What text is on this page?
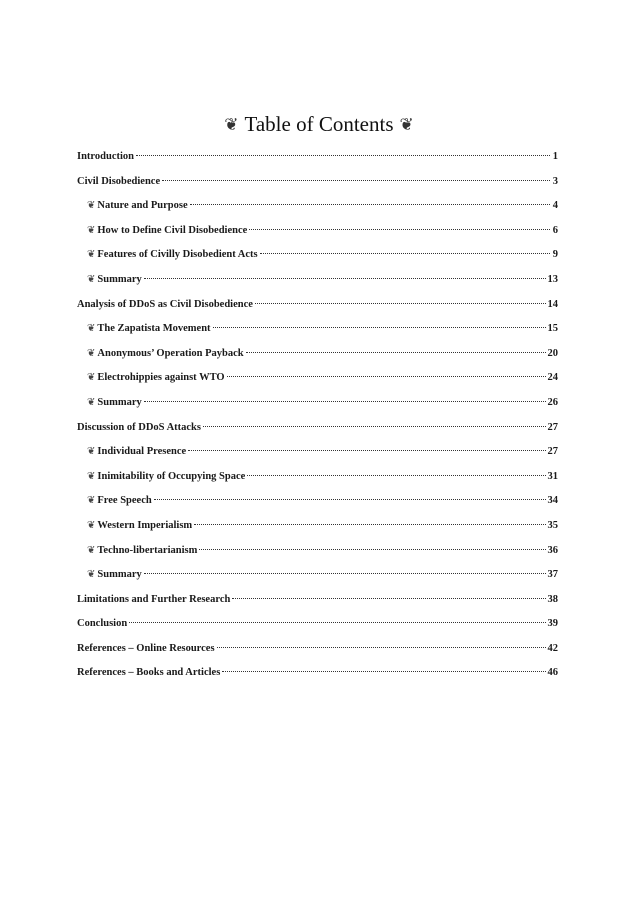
❦ Table of Contents ❦
Introduction	1
Civil Disobedience	3
❦ Nature and Purpose	4
❦ How to Define Civil Disobedience	6
❦ Features of Civilly Disobedient Acts	9
❦ Summary	13
Analysis of DDoS as Civil Disobedience	14
❦ The Zapatista Movement	15
❦ Anonymous’ Operation Payback	20
❦ Electrohippies against WTO	24
❦ Summary	26
Discussion of DDoS Attacks	27
❦ Individual Presence	27
❦ Inimitability of Occupying Space	31
❦ Free Speech	34
❦ Western Imperialism	35
❦ Techno-libertarianism	36
❦ Summary	37
Limitations and Further Research	38
Conclusion	39
References – Online Resources	42
References – Books and Articles	46
